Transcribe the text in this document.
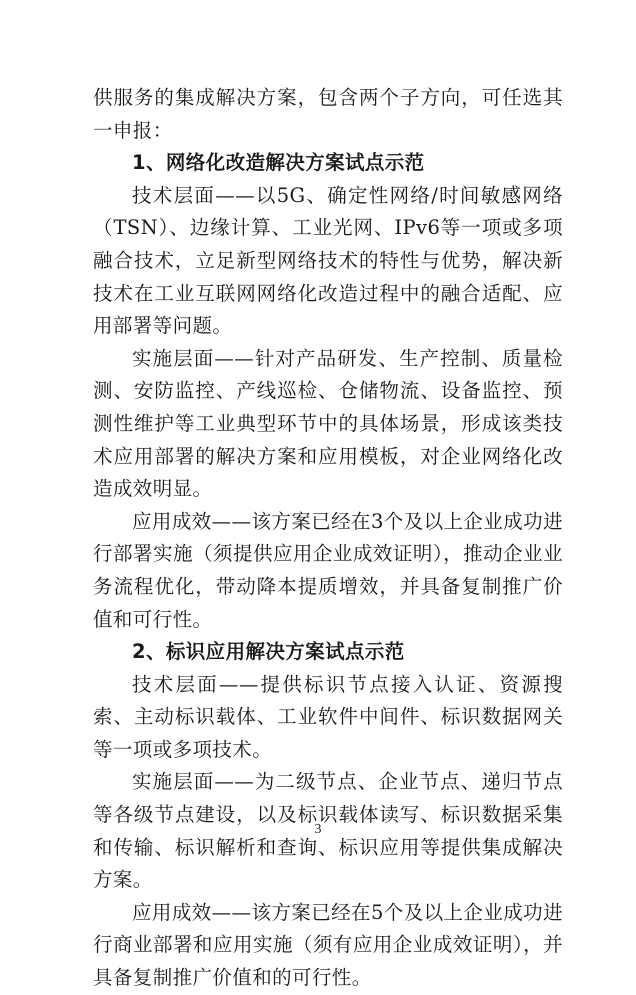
供服务的集成解决方案，包含两个子方向，可任选其一申报：

1、网络化改造解决方案试点示范

技术层面——以5G、确定性网络/时间敏感网络（TSN）、边缘计算、工业光网、IPv6等一项或多项融合技术，立足新型网络技术的特性与优势，解决新技术在工业互联网网络化改造过程中的融合适配、应用部署等问题。

实施层面——针对产品研发、生产控制、质量检测、安防监控、产线巡检、仓储物流、设备监控、预测性维护等工业典型环节中的具体场景，形成该类技术应用部署的解决方案和应用模板，对企业网络化改造成效明显。

应用成效——该方案已经在3个及以上企业成功进行部署实施（须提供应用企业成效证明），推动企业业务流程优化，带动降本提质增效，并具备复制推广价值和可行性。

2、标识应用解决方案试点示范

技术层面——提供标识节点接入认证、资源搜索、主动标识载体、工业软件中间件、标识数据网关等一项或多项技术。

实施层面——为二级节点、企业节点、递归节点等各级节点建设，以及标识载体读写、标识数据采集和传输、标识解析和查询、标识应用等提供集成解决方案。

应用成效——该方案已经在5个及以上企业成功进行商业部署和应用实施（须有应用企业成效证明），并具备复制推广价值和的可行性。

3
